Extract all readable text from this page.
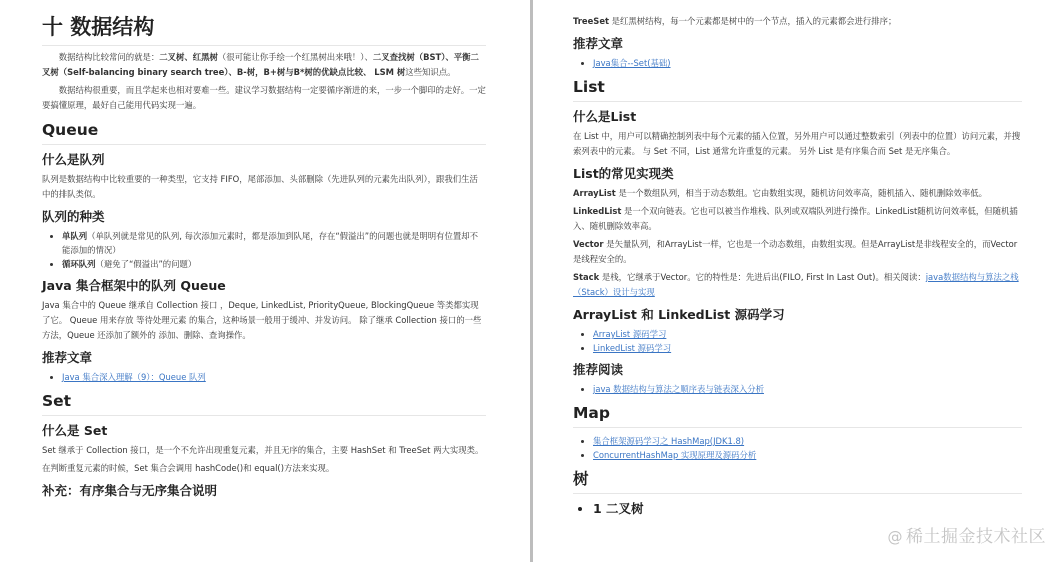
十 数据结构

数据结构比较常问的就是：二叉树、红黑树（很可能让你手绘一个红黑树出来哦！）、二叉查找树（BST）、平衡二叉树（Self-balancing binary search tree）、B-树，B+树与B*树的优缺点比较、 LSM 树这些知识点。

数据结构很重要，而且学起来也相对要难一些。建议学习数据结构一定要循序渐进的来，一步一个脚印的走好。一定要搞懂原理，最好自己能用代码实现一遍。

Queue
什么是队列

队列是数据结构中比较重要的一种类型，它支持 FIFO，尾部添加、头部删除（先进队列的元素先出队列），跟我们生活中的排队类似。

队列的种类
• 单队列（单队列就是常见的队列, 每次添加元素时，都是添加到队尾，存在“假溢出”的问题也就是明明有位置却不能添加的情况）
• 循环队列（避免了“假溢出”的问题）
Java 集合框架中的队列 Queue

Java 集合中的 Queue 继承自 Collection 接口 ，Deque, LinkedList, PriorityQueue, BlockingQueue 等类都实现了它。 Queue 用来存放 等待处理元素 的集合，这种场景一般用于缓冲、并发访问。 除了继承 Collection 接口的一些方法，Queue 还添加了额外的 添加、删除、查询操作。

推荐文章
• Java 集合深入理解（9）：Queue 队列
Set
什么是 Set

Set 继承于 Collection 接口，是一个不允许出现重复元素，并且无序的集合，主要 HashSet 和 TreeSet 两大实现类。

在判断重复元素的时候，Set 集合会调用 hashCode()和 equal()方法来实现。

补充：有序集合与无序集合说明

TreeSet 是红黑树结构，每一个元素都是树中的一个节点，插入的元素都会进行排序；

推荐文章
• Java集合--Set(基础)
List
什么是List

在 List 中，用户可以精确控制列表中每个元素的插入位置，另外用户可以通过整数索引（列表中的位置）访问元素，并搜索列表中的元素。 与 Set 不同，List 通常允许重复的元素。 另外 List 是有序集合而 Set 是无序集合。

List的常见实现类

ArrayList 是一个数组队列，相当于动态数组。它由数组实现，随机访问效率高，随机插入、随机删除效率低。

LinkedList 是一个双向链表。它也可以被当作堆栈、队列或双端队列进行操作。LinkedList随机访问效率低，但随机插入、随机删除效率高。

Vector 是矢量队列，和ArrayList一样，它也是一个动态数组，由数组实现。但是ArrayList是非线程安全的，而Vector是线程安全的。

Stack 是栈，它继承于Vector。它的特性是：先进后出(FILO, First In Last Out)。相关阅读：java数据结构与算法之栈（Stack）设计与实现

ArrayList 和 LinkedList 源码学习
• ArrayList 源码学习
• LinkedList 源码学习
推荐阅读
• java 数据结构与算法之顺序表与链表深入分析
Map
• 集合框架源码学习之 HashMap(JDK1.8)
• ConcurrentHashMap 实现原理及源码分析
树
• 1 二叉树
@ 稀土掘金技术社区
